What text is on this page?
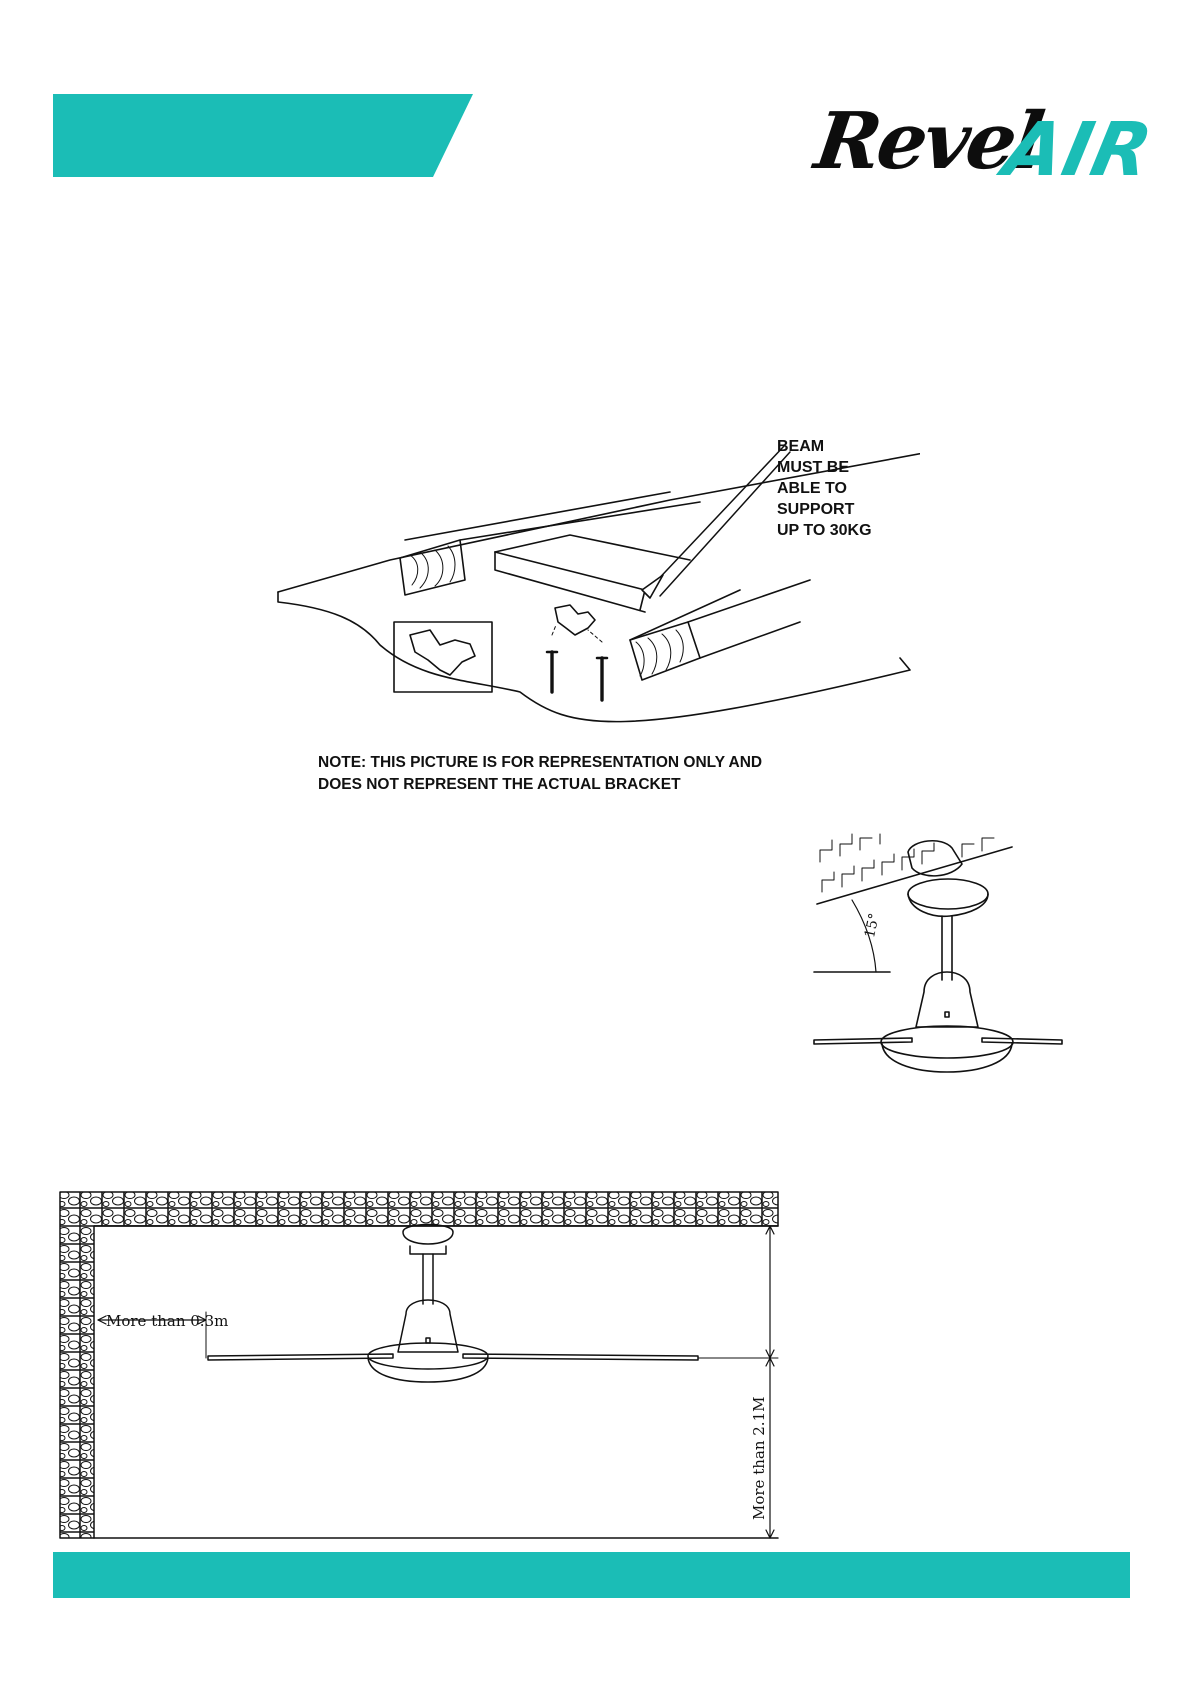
Revel
AIR
BEAM
MUST BE
ABLE TO
SUPPORT
UP TO 30KG
NOTE: THIS PICTURE IS FOR REPRESENTATION ONLY AND
DOES NOT REPRESENT THE ACTUAL BRACKET
15°
More than 0.3m
More than 2.1M
